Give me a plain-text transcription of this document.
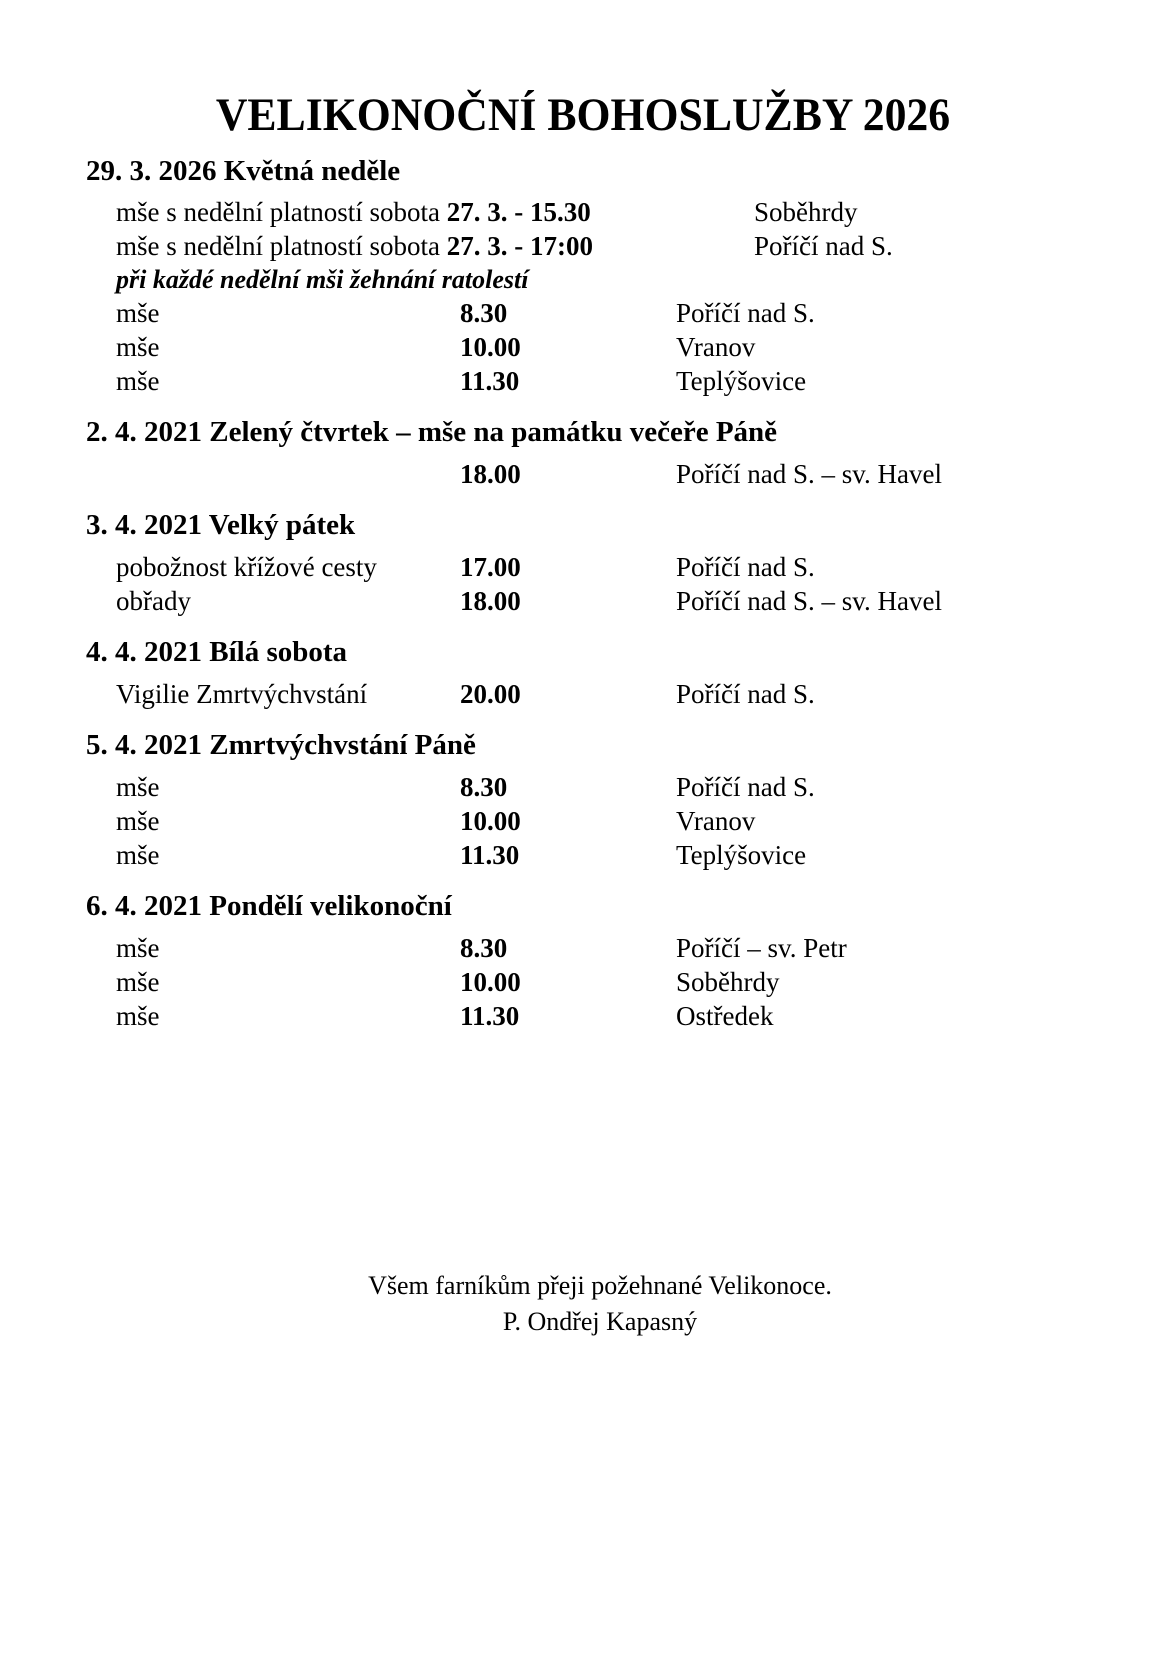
VELIKONOČNÍ BOHOSLUŽBY 2026
29. 3. 2026 Květná neděle
mše s nedělní platností sobota 27. 3. - 15.30	Soběhrdy
mše s nedělní platností sobota 27. 3. - 17:00	Poříčí nad S.
při každé nedělní mši žehnání ratolestí
mše	8.30	Poříčí nad S.
mše	10.00	Vranov
mše	11.30	Teplýšovice
2. 4. 2021 Zelený čtvrtek – mše na památku večeře Páně
18.00	Poříčí nad S. – sv. Havel
3. 4. 2021 Velký pátek
pobožnost křížové cesty	17.00	Poříčí nad S.
obřady	18.00	Poříčí nad S. – sv. Havel
4. 4. 2021 Bílá sobota
Vigilie Zmrtvýchvstání	20.00	Poříčí nad S.
5. 4. 2021 Zmrtvýchvstání Páně
mše	8.30	Poříčí nad S.
mše	10.00	Vranov
mše	11.30	Teplýšovice
6. 4. 2021 Pondělí velikonoční
mše	8.30	Poříčí – sv. Petr
mše	10.00	Soběhrdy
mše	11.30	Ostředek
Všem farníkům přeji požehnané Velikonoce.
P. Ondřej Kapasný
